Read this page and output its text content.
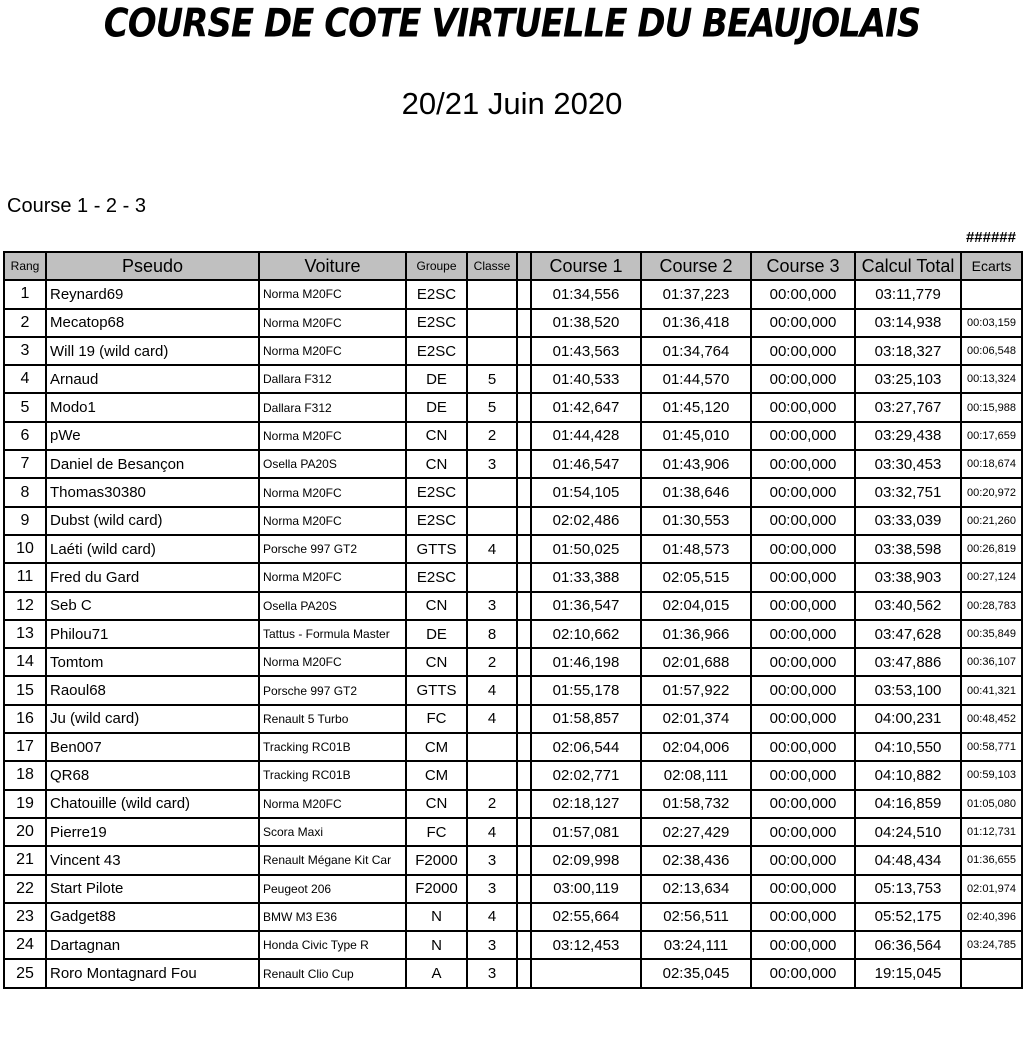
COURSE DE COTE VIRTUELLE DU BEAUJOLAIS
20/21 Juin 2020
Course 1 - 2 - 3
######
Rang	Pseudo	Voiture	Groupe	Classe		Course 1	Course 2	Course 3	Calcul Total	Ecarts
1	Reynard69	Norma M20FC	E2SC			01:34,556	01:37,223	00:00,000	03:11,779	
2	Mecatop68	Norma M20FC	E2SC			01:38,520	01:36,418	00:00,000	03:14,938	00:03,159
3	Will 19 (wild card)	Norma M20FC	E2SC			01:43,563	01:34,764	00:00,000	03:18,327	00:06,548
4	Arnaud	Dallara F312	DE	5		01:40,533	01:44,570	00:00,000	03:25,103	00:13,324
5	Modo1	Dallara F312	DE	5		01:42,647	01:45,120	00:00,000	03:27,767	00:15,988
6	pWe	Norma M20FC	CN	2		01:44,428	01:45,010	00:00,000	03:29,438	00:17,659
7	Daniel de Besançon	Osella PA20S	CN	3		01:46,547	01:43,906	00:00,000	03:30,453	00:18,674
8	Thomas30380	Norma M20FC	E2SC			01:54,105	01:38,646	00:00,000	03:32,751	00:20,972
9	Dubst (wild card)	Norma M20FC	E2SC			02:02,486	01:30,553	00:00,000	03:33,039	00:21,260
10	Laéti (wild card)	Porsche 997 GT2	GTTS	4		01:50,025	01:48,573	00:00,000	03:38,598	00:26,819
11	Fred du Gard	Norma M20FC	E2SC			01:33,388	02:05,515	00:00,000	03:38,903	00:27,124
12	Seb C	Osella PA20S	CN	3		01:36,547	02:04,015	00:00,000	03:40,562	00:28,783
13	Philou71	Tattus - Formula Master	DE	8		02:10,662	01:36,966	00:00,000	03:47,628	00:35,849
14	Tomtom	Norma M20FC	CN	2		01:46,198	02:01,688	00:00,000	03:47,886	00:36,107
15	Raoul68	Porsche 997 GT2	GTTS	4		01:55,178	01:57,922	00:00,000	03:53,100	00:41,321
16	Ju (wild card)	Renault 5 Turbo	FC	4		01:58,857	02:01,374	00:00,000	04:00,231	00:48,452
17	Ben007	Tracking RC01B	CM			02:06,544	02:04,006	00:00,000	04:10,550	00:58,771
18	QR68	Tracking RC01B	CM			02:02,771	02:08,111	00:00,000	04:10,882	00:59,103
19	Chatouille (wild card)	Norma M20FC	CN	2		02:18,127	01:58,732	00:00,000	04:16,859	01:05,080
20	Pierre19	Scora Maxi	FC	4		01:57,081	02:27,429	00:00,000	04:24,510	01:12,731
21	Vincent 43	Renault Mégane Kit Car	F2000	3		02:09,998	02:38,436	00:00,000	04:48,434	01:36,655
22	Start Pilote	Peugeot 206	F2000	3		03:00,119	02:13,634	00:00,000	05:13,753	02:01,974
23	Gadget88	BMW M3 E36	N	4		02:55,664	02:56,511	00:00,000	05:52,175	02:40,396
24	Dartagnan	Honda Civic Type R	N	3		03:12,453	03:24,111	00:00,000	06:36,564	03:24,785
25	Roro Montagnard Fou	Renault Clio Cup	A	3			02:35,045	00:00,000	19:15,045	
